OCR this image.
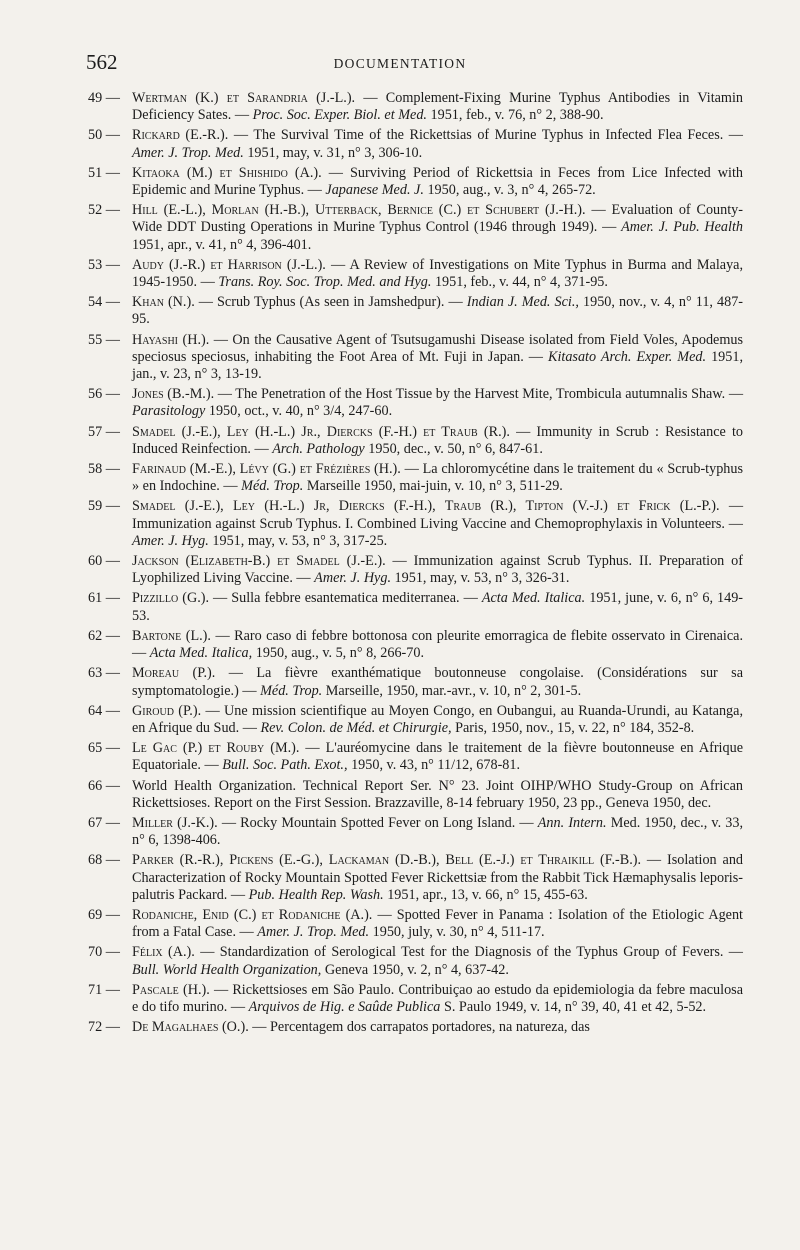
562	DOCUMENTATION
49 — Wertman (K.) et Sarandria (J.-L.). — Complement-Fixing Murine Typhus Antibodies in Vitamin Deficiency Sates. — Proc. Soc. Exper. Biol. et Med. 1951, feb., v. 76, n° 2, 388-90.
50 — Rickard (E.-R.). — The Survival Time of the Rickettsias of Murine Typhus in Infected Flea Feces. — Amer. J. Trop. Med. 1951, may, v. 31, n° 3, 306-10.
51 — Kitaoka (M.) et Shishido (A.). — Surviving Period of Rickettsia in Feces from Lice Infected with Epidemic and Murine Typhus. — Japanese Med. J. 1950, aug., v. 3, n° 4, 265-72.
52 — Hill (E.-L.), Morlan (H.-B.), Utterback, Bernice (C.) et Schubert (J.-H.). — Evaluation of County-Wide DDT Dusting Operations in Murine Typhus Control (1946 through 1949). — Amer. J. Pub. Health 1951, apr., v. 41, n° 4, 396-401.
53 — Audy (J.-R.) et Harrison (J.-L.). — A Review of Investigations on Mite Typhus in Burma and Malaya, 1945-1950. — Trans. Roy. Soc. Trop. Med. and Hyg. 1951, feb., v. 44, n° 4, 371-95.
54 — Khan (N.). — Scrub Typhus (As seen in Jamshedpur). — Indian J. Med. Sci., 1950, nov., v. 4, n° 11, 487-95.
55 — Hayashi (H.). — On the Causative Agent of Tsutsugamushi Disease isolated from Field Voles, Apodemus speciosus speciosus, inhabiting the Foot Area of Mt. Fuji in Japan. — Kitasato Arch. Exper. Med. 1951, jan., v. 23, n° 3, 13-19.
56 — Jones (B.-M.). — The Penetration of the Host Tissue by the Harvest Mite, Trombicula autumnalis Shaw. — Parasitology 1950, oct., v. 40, n° 3/4, 247-60.
57 — Smadel (J.-E.), Ley (H.-L.) Jr., Diercks (F.-H.) et Traub (R.). — Immunity in Scrub : Resistance to Induced Reinfection. — Arch. Pathology 1950, dec., v. 50, n° 6, 847-61.
58 — Farinaud (M.-E.), Lévy (G.) et Frézières (H.). — La chloromycétine dans le traitement du « Scrub-typhus » en Indochine. — Méd. Trop. Marseille 1950, mai-juin, v. 10, n° 3, 511-29.
59 — Smadel (J.-E.), Ley (H.-L.) Jr, Diercks (F.-H.), Traub (R.), Tipton (V.-J.) et Frick (L.-P.). — Immunization against Scrub Typhus. I. Combined Living Vaccine and Chemoprophylaxis in Volunteers. — Amer. J. Hyg. 1951, may, v. 53, n° 3, 317-25.
60 — Jackson (Elizabeth-B.) et Smadel (J.-E.). — Immunization against Scrub Typhus. II. Preparation of Lyophilized Living Vaccine. — Amer. J. Hyg. 1951, may, v. 53, n° 3, 326-31.
61 — Pizzillo (G.). — Sulla febbre esantematica mediterranea. — Acta Med. Italica. 1951, june, v. 6, n° 6, 149-53.
62 — Bartone (L.). — Raro caso di febbre bottonosa con pleurite emorragica de flebite osservato in Cirenaica. — Acta Med. Italica, 1950, aug., v. 5, n° 8, 266-70.
63 — Moreau (P.). — La fièvre exanthématique boutonneuse congolaise. (Considérations sur sa symptomatologie.) — Méd. Trop. Marseille, 1950, mar.-avr., v. 10, n° 2, 301-5.
64 — Giroud (P.). — Une mission scientifique au Moyen Congo, en Oubangui, au Ruanda-Urundi, au Katanga, en Afrique du Sud. — Rev. Colon. de Méd. et Chirurgie, Paris, 1950, nov., 15, v. 22, n° 184, 352-8.
65 — Le Gac (P.) et Rouby (M.). — L'auréomycine dans le traitement de la fièvre boutonneuse en Afrique Equatoriale. — Bull. Soc. Path. Exot., 1950, v. 43, n° 11/12, 678-81.
66 — World Health Organization. Technical Report Ser. N° 23. Joint OIHP/WHO Study-Group on African Rickettsioses. Report on the First Session. Brazzaville, 8-14 february 1950, 23 pp., Geneva 1950, dec.
67 — Miller (J.-K.). — Rocky Mountain Spotted Fever on Long Island. — Ann. Intern. Med. 1950, dec., v. 33, n° 6, 1398-406.
68 — Parker (R.-R.), Pickens (E.-G.), Lackaman (D.-B.), Bell (E.-J.) et Thraikill (F.-B.). — Isolation and Characterization of Rocky Mountain Spotted Fever Rickettsiæ from the Rabbit Tick Hæmaphysalis leporis-palutris Packard. — Pub. Health Rep. Wash. 1951, apr., 13, v. 66, n° 15, 455-63.
69 — Rodaniche, Enid (C.) et Rodaniche (A.). — Spotted Fever in Panama : Isolation of the Etiologic Agent from a Fatal Case. — Amer. J. Trop. Med. 1950, july, v. 30, n° 4, 511-17.
70 — Félix (A.). — Standardization of Serological Test for the Diagnosis of the Typhus Group of Fevers. — Bull. World Health Organization, Geneva 1950, v. 2, n° 4, 637-42.
71 — Pascale (H.). — Rickettsioses em São Paulo. Contribuiçao ao estudo da epidemiologia da febre maculosa e do tifo murino. — Arquivos de Hig. e Saûde Publica S. Paulo 1949, v. 14, n° 39, 40, 41 et 42, 5-52.
72 — De Magalhaes (O.). — Percentagem dos carrapatos portadores, na natureza, das
